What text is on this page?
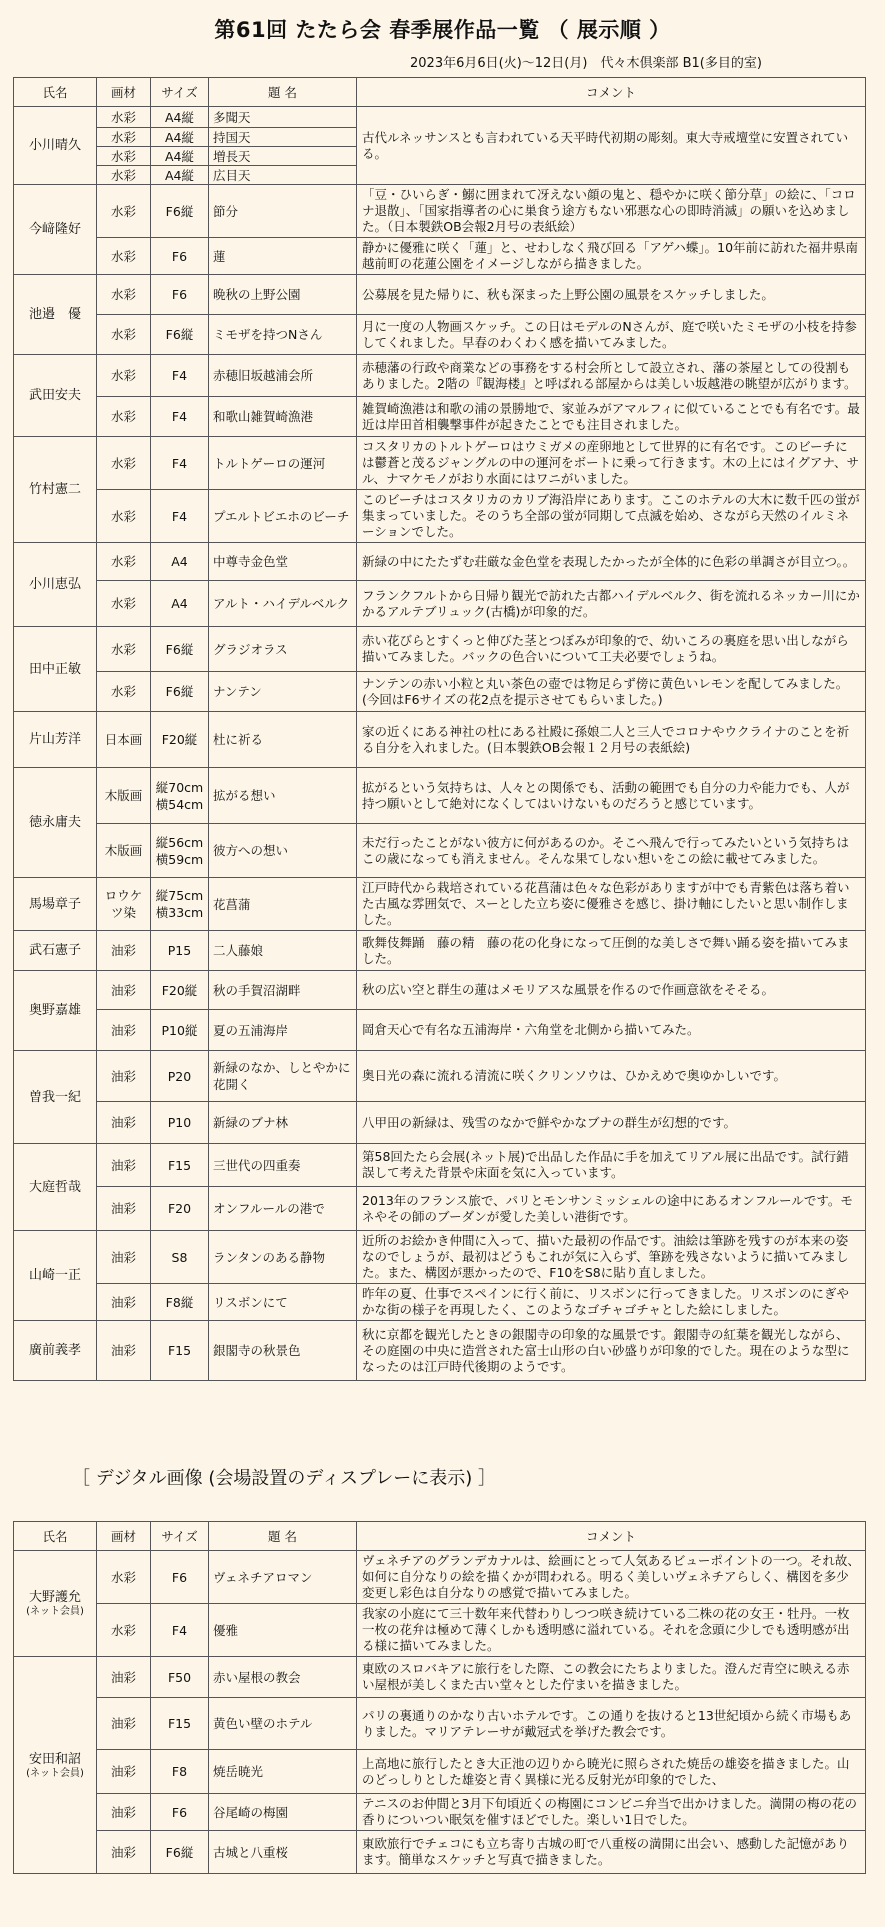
第61回 たたら会 春季展作品一覧 （ 展示順 ）
2023年6月6日(火)〜12日(月)　代々木倶楽部 B1(多目的室)
氏名	画材	サイズ	題 名	コメント
小川晴久	水彩	A4縦	多聞天	古代ルネッサンスとも言われている天平時代初期の彫刻。東大寺戒壇堂に安置されている。
	水彩	A4縦	持国天	
	水彩	A4縦	増長天	
	水彩	A4縦	広目天	
今﨑隆好	水彩	F6縦	節分	「豆・ひいらぎ・鰯に囲まれて冴えない顔の鬼と、穏やかに咲く節分草」の絵に、「コロナ退散」、「国家指導者の心に巣食う途方もない邪悪な心の即時消滅」の願いを込めました。（日本製鉄OB会報2月号の表紙絵）
	水彩	F6	蓮	静かに優雅に咲く「蓮」と、せわしなく飛び回る「アゲハ蝶」。10年前に訪れた福井県南越前町の花蓮公園をイメージしながら描きました。
池邉　優	水彩	F6	晩秋の上野公園	公募展を見た帰りに、秋も深まった上野公園の風景をスケッチしました。
	水彩	F6縦	ミモザを持つNさん	月に一度の人物画スケッチ。この日はモデルのNさんが、庭で咲いたミモザの小枝を持参してくれました。早春のわくわく感を描いてみました。
武田安夫	水彩	F4	赤穂旧坂越浦会所	赤穂藩の行政や商業などの事務をする村会所として設立され、藩の茶屋としての役割もありました。2階の『観海楼』と呼ばれる部屋からは美しい坂越港の眺望が広がります。
	水彩	F4	和歌山雑賀崎漁港	雑賀崎漁港は和歌の浦の景勝地で、家並みがアマルフィに似ていることでも有名です。最近は岸田首相襲撃事件が起きたことでも注目されました。
竹村憲二	水彩	F4	トルトゲーロの運河	コスタリカのトルトゲーロはウミガメの産卵地として世界的に有名です。このビーチには鬱蒼と茂るジャングルの中の運河をボートに乗って行きます。木の上にはイグアナ、サル、ナマケモノがおり水面にはワニがいました。
	水彩	F4	プエルトビエホのビーチ	このビーチはコスタリカのカリブ海沿岸にあります。ここのホテルの大木に数千匹の蛍が集まっていました。そのうち全部の蛍が同期して点滅を始め、さながら天然のイルミネーションでした。
小川恵弘	水彩	A4	中尊寺金色堂	新緑の中にたたずむ荘厳な金色堂を表現したかったが全体的に色彩の単調さが目立つ。。
	水彩	A4	アルト・ハイデルベルク	フランクフルトから日帰り観光で訪れた古都ハイデルベルク、街を流れるネッカー川にかかるアルテブリュック(古橋)が印象的だ。
田中正敏	水彩	F6縦	グラジオラス	赤い花びらとすくっと伸びた茎とつぼみが印象的で、幼いころの裏庭を思い出しながら描いてみました。バックの色合いについて工夫必要でしょうね。
	水彩	F6縦	ナンテン	ナンテンの赤い小粒と丸い茶色の壺では物足らず傍に黄色いレモンを配してみました。(今回はF6サイズの花2点を提示させてもらいました。)
片山芳洋	日本画	F20縦	杜に祈る	家の近くにある神社の杜にある社殿に孫娘二人と三人でコロナやウクライナのことを祈る自分を入れました。(日本製鉄OB会報１２月号の表紙絵)
徳永庸夫	木版画	縦70cm
横54cm	拡がる想い	拡がるという気持ちは、人々との関係でも、活動の範囲でも自分の力や能力でも、人が持つ願いとして絶対になくしてはいけないものだろうと感じています。
	木版画	縦56cm
横59cm	彼方への想い	未だ行ったことがない彼方に何があるのか。そこへ飛んで行ってみたいという気持ちはこの歳になっても消えません。そんな果てしない想いをこの絵に載せてみました。
馬場章子	ロウケツ染	縦75cm
横33cm	花菖蒲	江戸時代から栽培されている花菖蒲は色々な色彩がありますが中でも青紫色は落ち着いた古風な雰囲気で、スーとした立ち姿に優雅さを感じ、掛け軸にしたいと思い制作しました。
武石憲子	油彩	P15	二人藤娘	歌舞伎舞踊　藤の精　藤の花の化身になって圧倒的な美しさで舞い踊る姿を描いてみました。
奥野嘉雄	油彩	F20縦	秋の手賀沼湖畔	秋の広い空と群生の蓮はメモリアスな風景を作るので作画意欲をそそる。
	油彩	P10縦	夏の五浦海岸	岡倉天心で有名な五浦海岸・六角堂を北側から描いてみた。
曽我一紀	油彩	P20	新緑のなか、しとやかに花開く	奥日光の森に流れる清流に咲くクリンソウは、ひかえめで奥ゆかしいです。
	油彩	P10	新緑のブナ林	八甲田の新緑は、残雪のなかで鮮やかなブナの群生が幻想的です。
大庭哲哉	油彩	F15	三世代の四重奏	第58回たたら会展(ネット展)で出品した作品に手を加えてリアル展に出品です。試行錯誤して考えた背景や床面を気に入っています。
	油彩	F20	オンフルールの港で	2013年のフランス旅で、パリとモンサンミッシェルの途中にあるオンフルールです。モネやその師のブーダンが愛した美しい港街です。
山崎一正	油彩	S8	ランタンのある静物	近所のお絵かき仲間に入って、描いた最初の作品です。油絵は筆跡を残すのが本来の姿なのでしょうが、最初はどうもこれが気に入らず、筆跡を残さないように描いてみました。また、構図が悪かったので、F10をS8に貼り直しました。
	油彩	F8縦	リスボンにて	昨年の夏、仕事でスペインに行く前に、リスボンに行ってきました。リスボンのにぎやかな街の様子を再現したく、このようなゴチャゴチャとした絵にしました。
廣前義孝	油彩	F15	銀閣寺の秋景色	秋に京都を観光したときの銀閣寺の印象的な風景です。銀閣寺の紅葉を観光しながら、その庭園の中央に造営された富士山形の白い砂盛りが印象的でした。現在のような型になったのは江戸時代後期のようです。
［ デジタル画像 (会場設置のディスプレーに表示) ］
氏名	画材	サイズ	題 名	コメント
大野護允
(ネット会員)	水彩	F6	ヴェネチアロマン	ヴェネチアのグランデカナルは、絵画にとって人気あるビューポイントの一つ。それ故、如何に自分なりの絵を描くかが問われる。明るく美しいヴェネチアらしく、構図を多少変更し彩色は自分なりの感覚で描いてみました。
	水彩	F4	優雅	我家の小庭にて三十数年来代替わりしつつ咲き続けている二株の花の女王・牡丹。一枚一枚の花弁は極めて薄くしかも透明感に溢れている。それを念頭に少しでも透明感が出る様に描いてみました。
安田和詔
(ネット会員)	油彩	F50	赤い屋根の教会	東欧のスロバキアに旅行をした際、この教会にたちよりました。澄んだ青空に映える赤い屋根が美しくまた古い堂々とした佇まいを描きました。
	油彩	F15	黄色い壁のホテル	パリの裏通りのかなり古いホテルです。この通りを抜けると13世紀頃から続く市場もありました。マリアテレーサが戴冠式を挙げた教会です。
	油彩	F8	焼岳暁光	上高地に旅行したとき大正池の辺りから暁光に照らされた焼岳の雄姿を描きました。山のどっしりとした雄姿と青く異様に光る反射光が印象的でした、
	油彩	F6	谷尾崎の梅園	テニスのお仲間と3月下旬頃近くの梅園にコンビニ弁当で出かけました。満開の梅の花の香りについつい眠気を催すほどでした。楽しい1日でした。
	油彩	F6縦	古城と八重桜	東欧旅行でチェコにも立ち寄り古城の町で八重桜の満開に出会い、感動した記憶があります。簡単なスケッチと写真で描きました。
